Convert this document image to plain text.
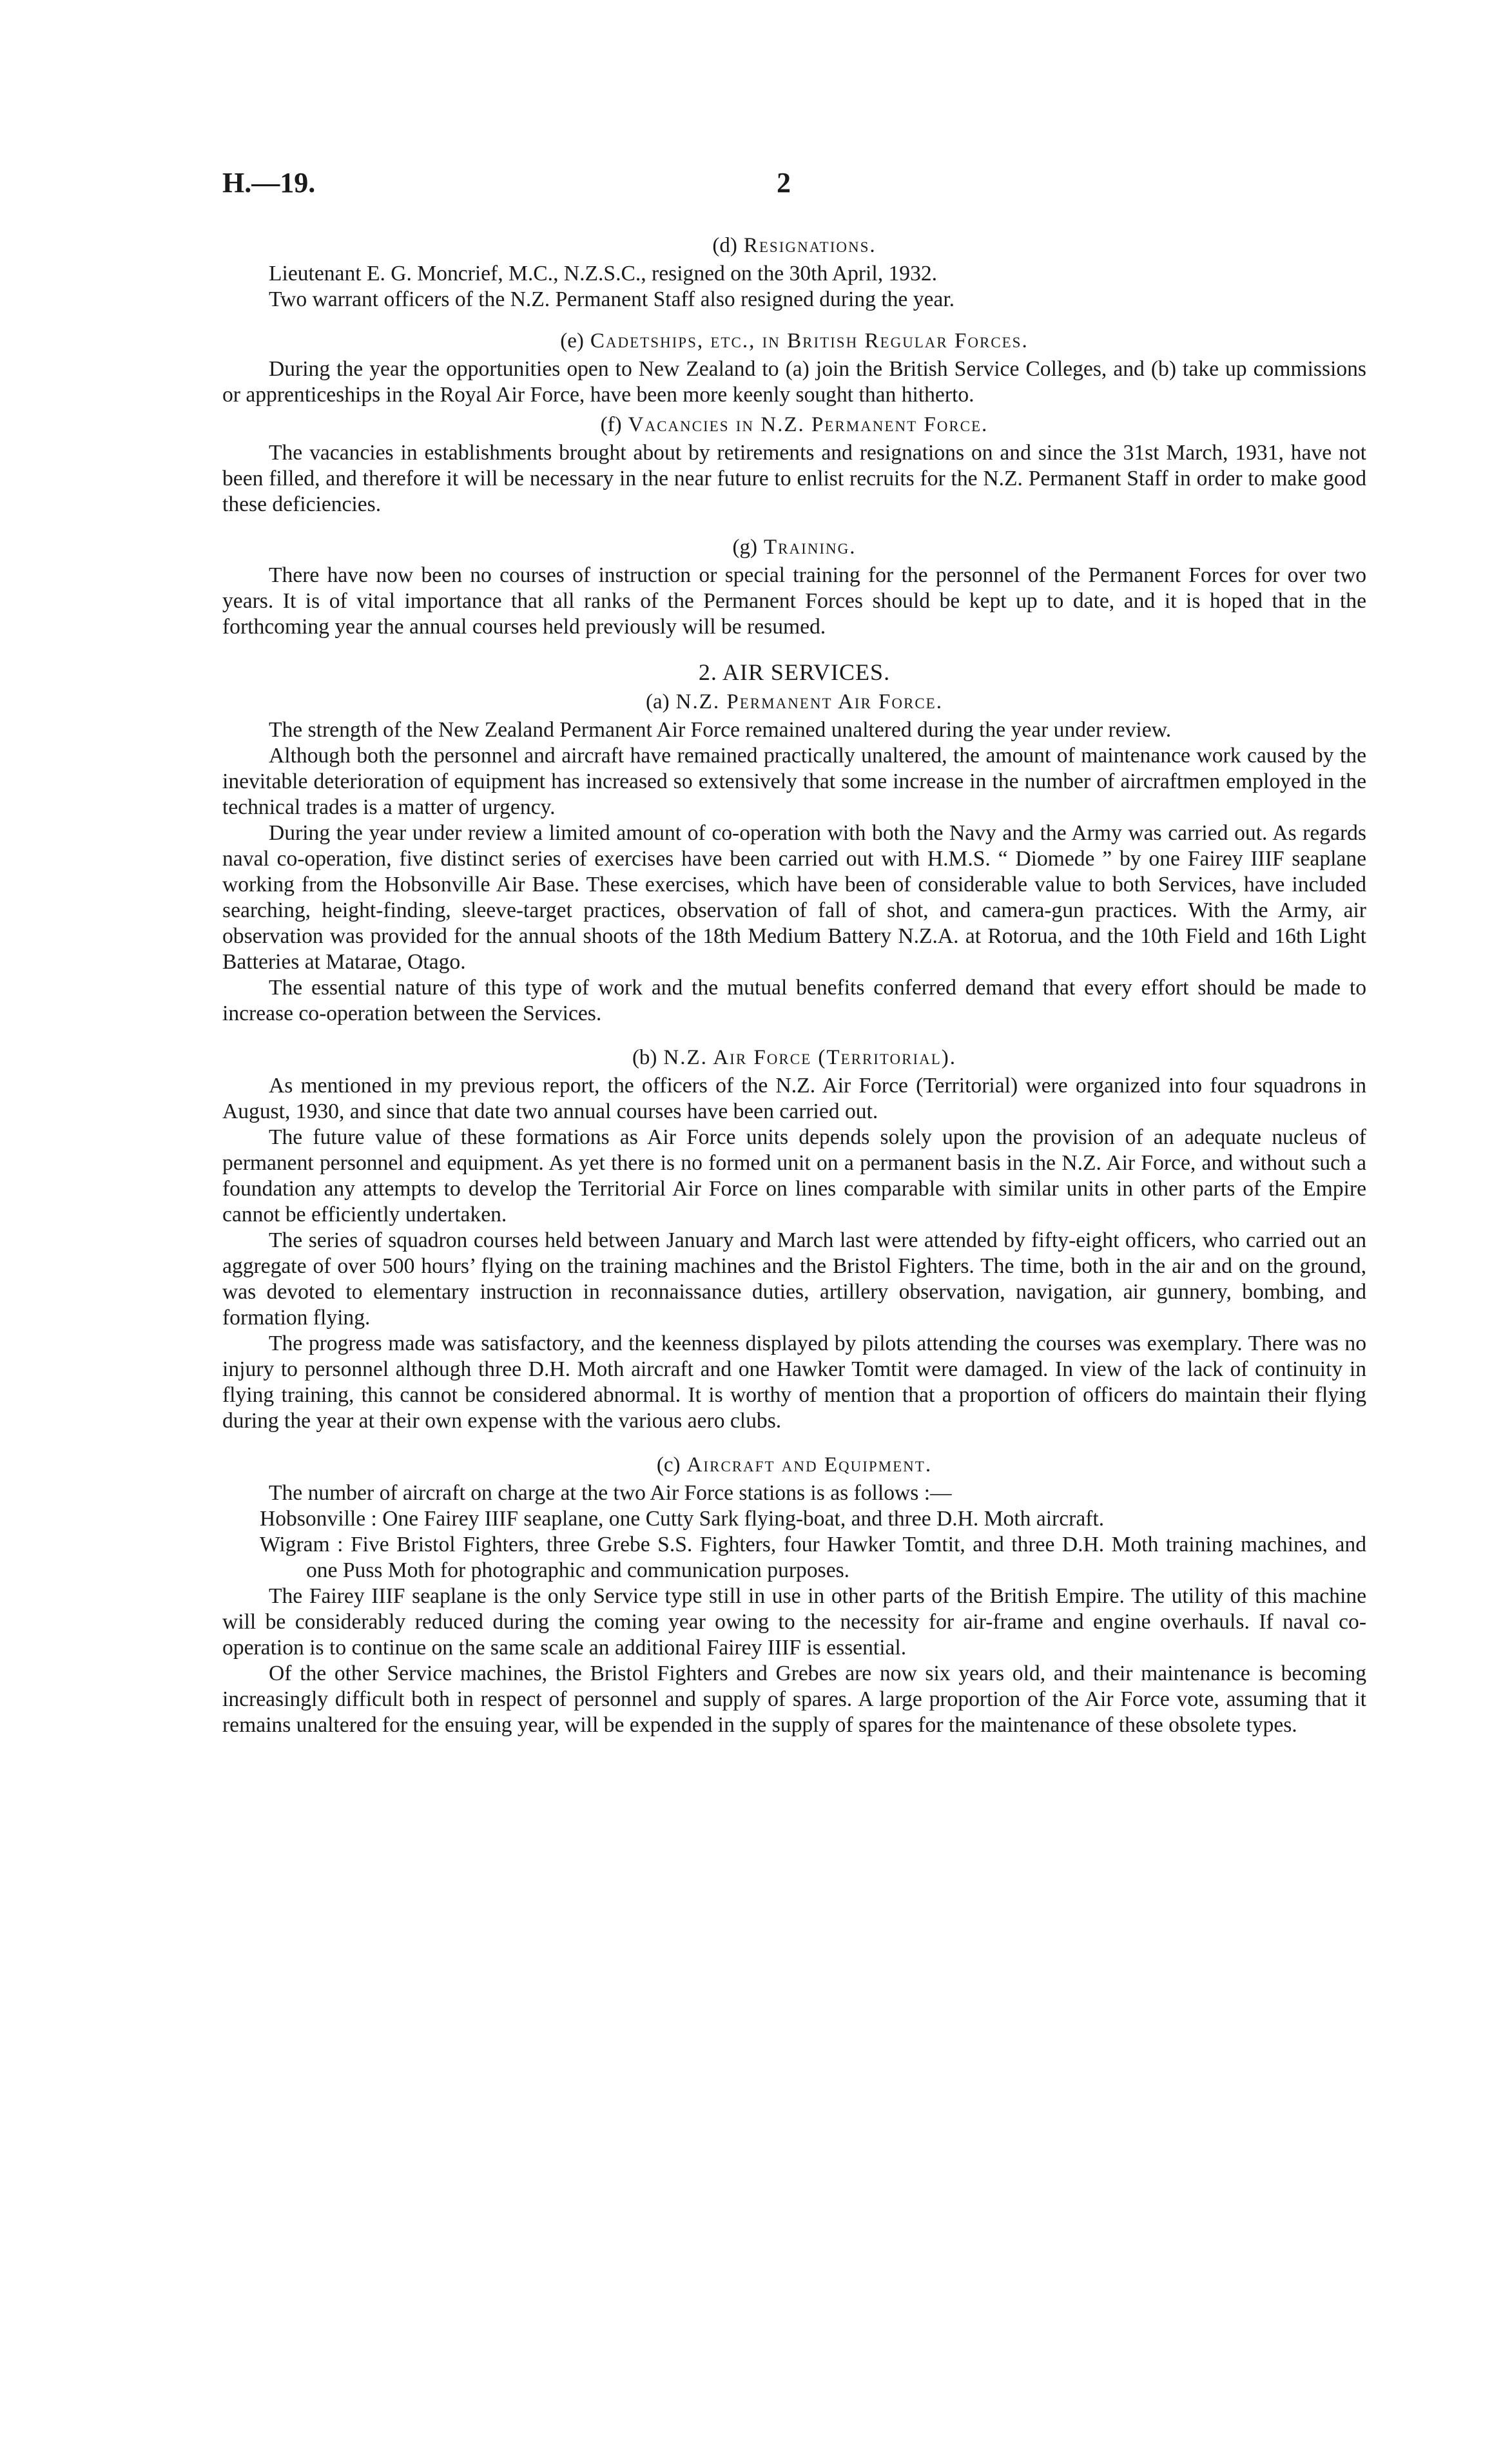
H.—19.	2
(d) Resignations.

Lieutenant E. G. Moncrief, M.C., N.Z.S.C., resigned on the 30th April, 1932.

Two warrant officers of the N.Z. Permanent Staff also resigned during the year.

(e) Cadetships, etc., in British Regular Forces.

During the year the opportunities open to New Zealand to (a) join the British Service Colleges, and (b) take up commissions or apprenticeships in the Royal Air Force, have been more keenly sought than hitherto.

(f) Vacancies in N.Z. Permanent Force.

The vacancies in establishments brought about by retirements and resignations on and since the 31st March, 1931, have not been filled, and therefore it will be necessary in the near future to enlist recruits for the N.Z. Permanent Staff in order to make good these deficiencies.

(g) Training.

There have now been no courses of instruction or special training for the personnel of the Permanent Forces for over two years. It is of vital importance that all ranks of the Permanent Forces should be kept up to date, and it is hoped that in the forthcoming year the annual courses held previously will be resumed.

2. AIR SERVICES.
(a) N.Z. Permanent Air Force.

The strength of the New Zealand Permanent Air Force remained unaltered during the year under review.

Although both the personnel and aircraft have remained practically unaltered, the amount of maintenance work caused by the inevitable deterioration of equipment has increased so extensively that some increase in the number of aircraftmen employed in the technical trades is a matter of urgency.

During the year under review a limited amount of co-operation with both the Navy and the Army was carried out. As regards naval co-operation, five distinct series of exercises have been carried out with H.M.S. “ Diomede ” by one Fairey IIIF seaplane working from the Hobsonville Air Base. These exercises, which have been of considerable value to both Services, have included searching, height-finding, sleeve-target practices, observation of fall of shot, and camera-gun practices. With the Army, air observation was provided for the annual shoots of the 18th Medium Battery N.Z.A. at Rotorua, and the 10th Field and 16th Light Batteries at Matarae, Otago.

The essential nature of this type of work and the mutual benefits conferred demand that every effort should be made to increase co-operation between the Services.

(b) N.Z. Air Force (Territorial).

As mentioned in my previous report, the officers of the N.Z. Air Force (Territorial) were organized into four squadrons in August, 1930, and since that date two annual courses have been carried out.

The future value of these formations as Air Force units depends solely upon the provision of an adequate nucleus of permanent personnel and equipment. As yet there is no formed unit on a permanent basis in the N.Z. Air Force, and without such a foundation any attempts to develop the Territorial Air Force on lines comparable with similar units in other parts of the Empire cannot be efficiently undertaken.

The series of squadron courses held between January and March last were attended by fifty-eight officers, who carried out an aggregate of over 500 hours’ flying on the training machines and the Bristol Fighters. The time, both in the air and on the ground, was devoted to elementary instruction in reconnaissance duties, artillery observation, navigation, air gunnery, bombing, and formation flying.

The progress made was satisfactory, and the keenness displayed by pilots attending the courses was exemplary. There was no injury to personnel although three D.H. Moth aircraft and one Hawker Tomtit were damaged. In view of the lack of continuity in flying training, this cannot be considered abnormal. It is worthy of mention that a proportion of officers do maintain their flying during the year at their own expense with the various aero clubs.

(c) Aircraft and Equipment.

The number of aircraft on charge at the two Air Force stations is as follows :—

Hobsonville : One Fairey IIIF seaplane, one Cutty Sark flying-boat, and three D.H. Moth aircraft.

Wigram : Five Bristol Fighters, three Grebe S.S. Fighters, four Hawker Tomtit, and three D.H. Moth training machines, and one Puss Moth for photographic and communication purposes.

The Fairey IIIF seaplane is the only Service type still in use in other parts of the British Empire. The utility of this machine will be considerably reduced during the coming year owing to the necessity for air-frame and engine overhauls. If naval co-operation is to continue on the same scale an additional Fairey IIIF is essential.

Of the other Service machines, the Bristol Fighters and Grebes are now six years old, and their maintenance is becoming increasingly difficult both in respect of personnel and supply of spares. A large proportion of the Air Force vote, assuming that it remains unaltered for the ensuing year, will be expended in the supply of spares for the maintenance of these obsolete types.
